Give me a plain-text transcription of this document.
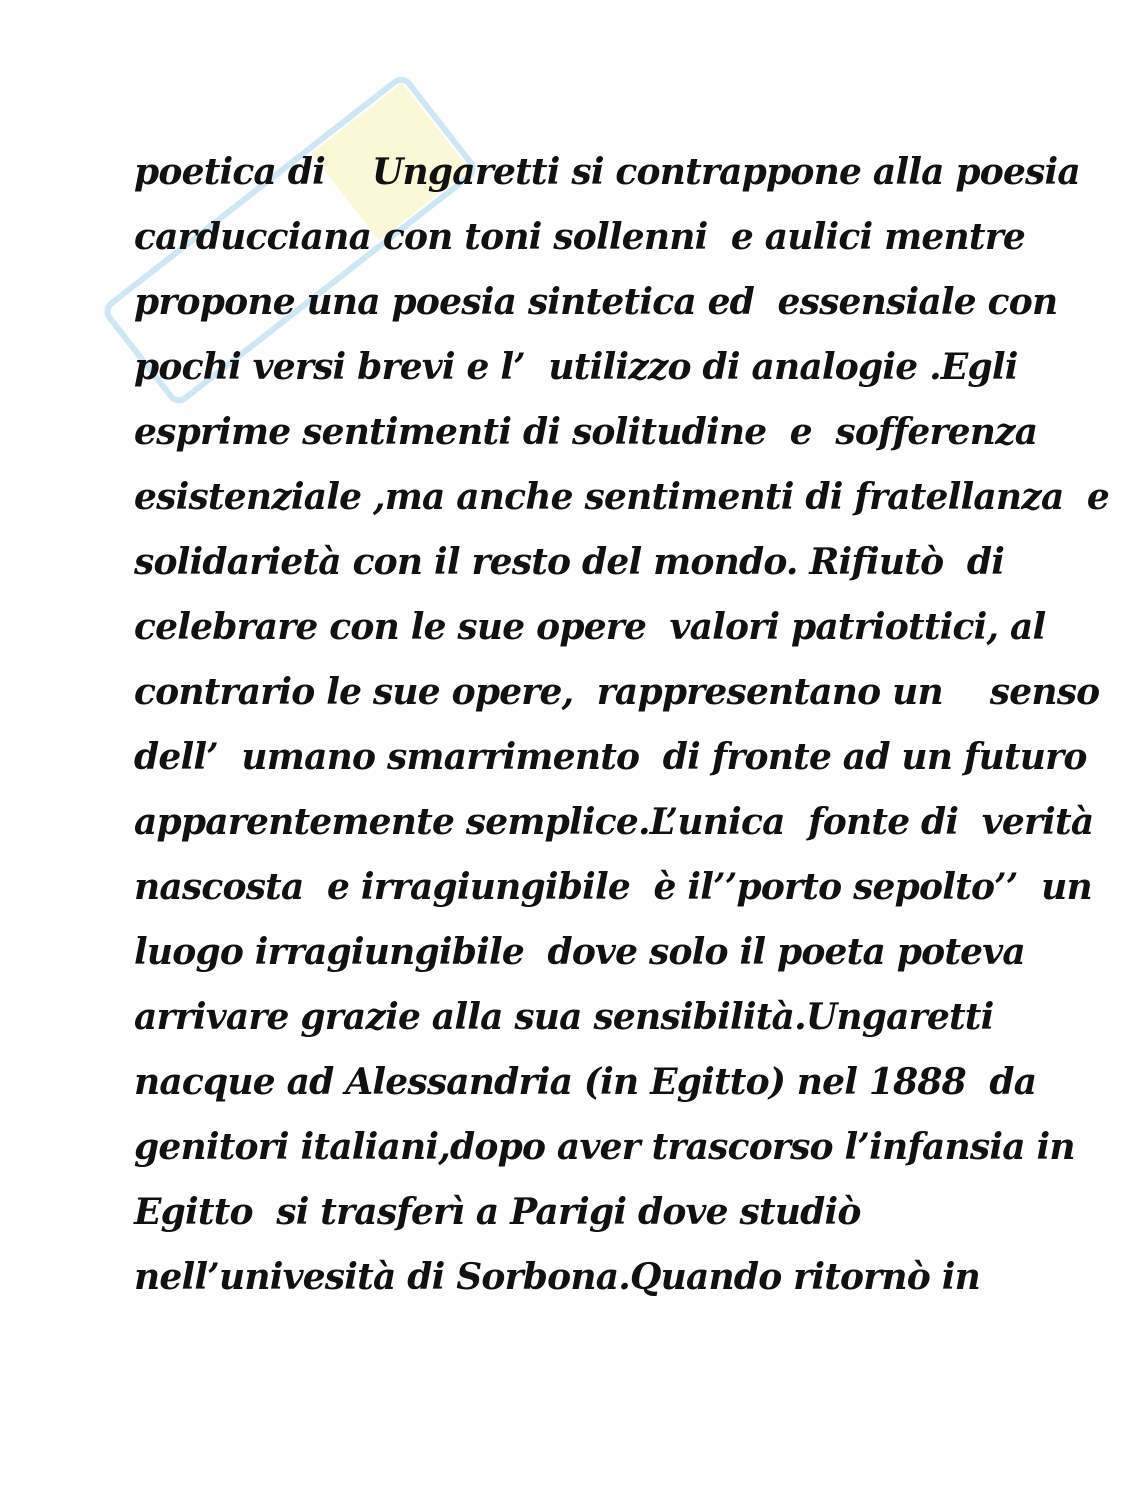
poetica di    Ungaretti si contrappone alla poesia
carducciana con toni sollenni  e aulici mentre
propone una poesia sintetica ed  essensiale con
pochi versi brevi e l’  utilizzo di analogie .Egli
esprime sentimenti di solitudine  e  sofferenza
esistenziale ,ma anche sentimenti di fratellanza  e
solidarietà con il resto del mondo. Rifiutò  di
celebrare con le sue opere  valori patriottici, al
contrario le sue opere,  rappresentano un    senso
dell’  umano smarrimento  di fronte ad un futuro
apparentemente semplice.L’unica  fonte di  verità
nascosta  e irragiungibile  è il’’porto sepolto’’  un
luogo irragiungibile  dove solo il poeta poteva
arrivare grazie alla sua sensibilità.Ungaretti
nacque ad Alessandria (in Egitto) nel 1888  da
genitori italiani,dopo aver trascorso l’infansia in
Egitto  si trasferì a Parigi dove studiò
nell’univesità di Sorbona.Quando ritornò in
